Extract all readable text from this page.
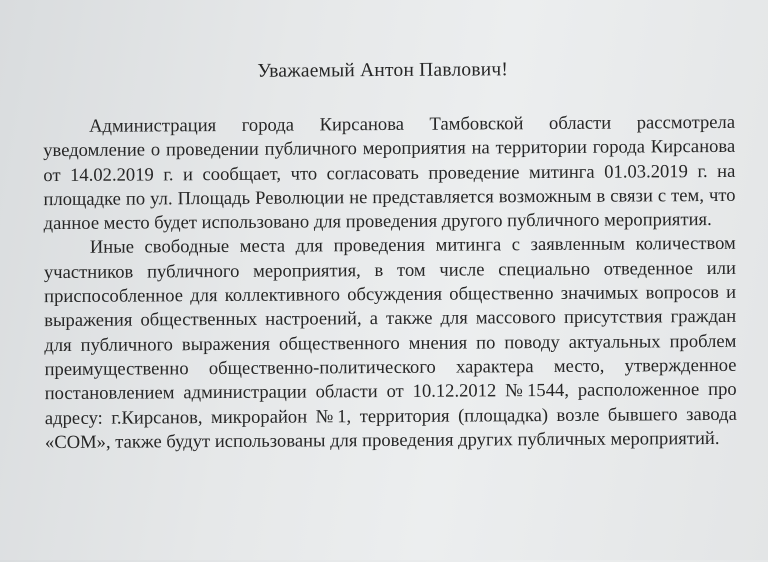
Уважаемый Антон Павлович!

Администрация города Кирсанова Тамбовской области рассмотрела уведомление о проведении публичного мероприятия на территории города Кирсанова от 14.02.2019 г. и сообщает, что согласовать проведение митинга 01.03.2019 г. на площадке по ул. Площадь Революции не представляется возможным в связи с тем, что данное место будет использовано для проведения другого публичного мероприятия.

Иные свободные места для проведения митинга с заявленным количеством участников публичного мероприятия, в том числе специально отведенное или приспособленное для коллективного обсуждения общественно значимых вопросов и выражения общественных настроений, а также для массового присутствия граждан для публичного выражения общественного мнения по поводу актуальных проблем преимущественно общественно-политического характера место, утвержденное постановлением администрации области от 10.12.2012 №1544, расположенное про адресу: г.Кирсанов, микрорайон №1, территория (площадка) возле бывшего завода «СОМ», также будут использованы для проведения других публичных мероприятий.
